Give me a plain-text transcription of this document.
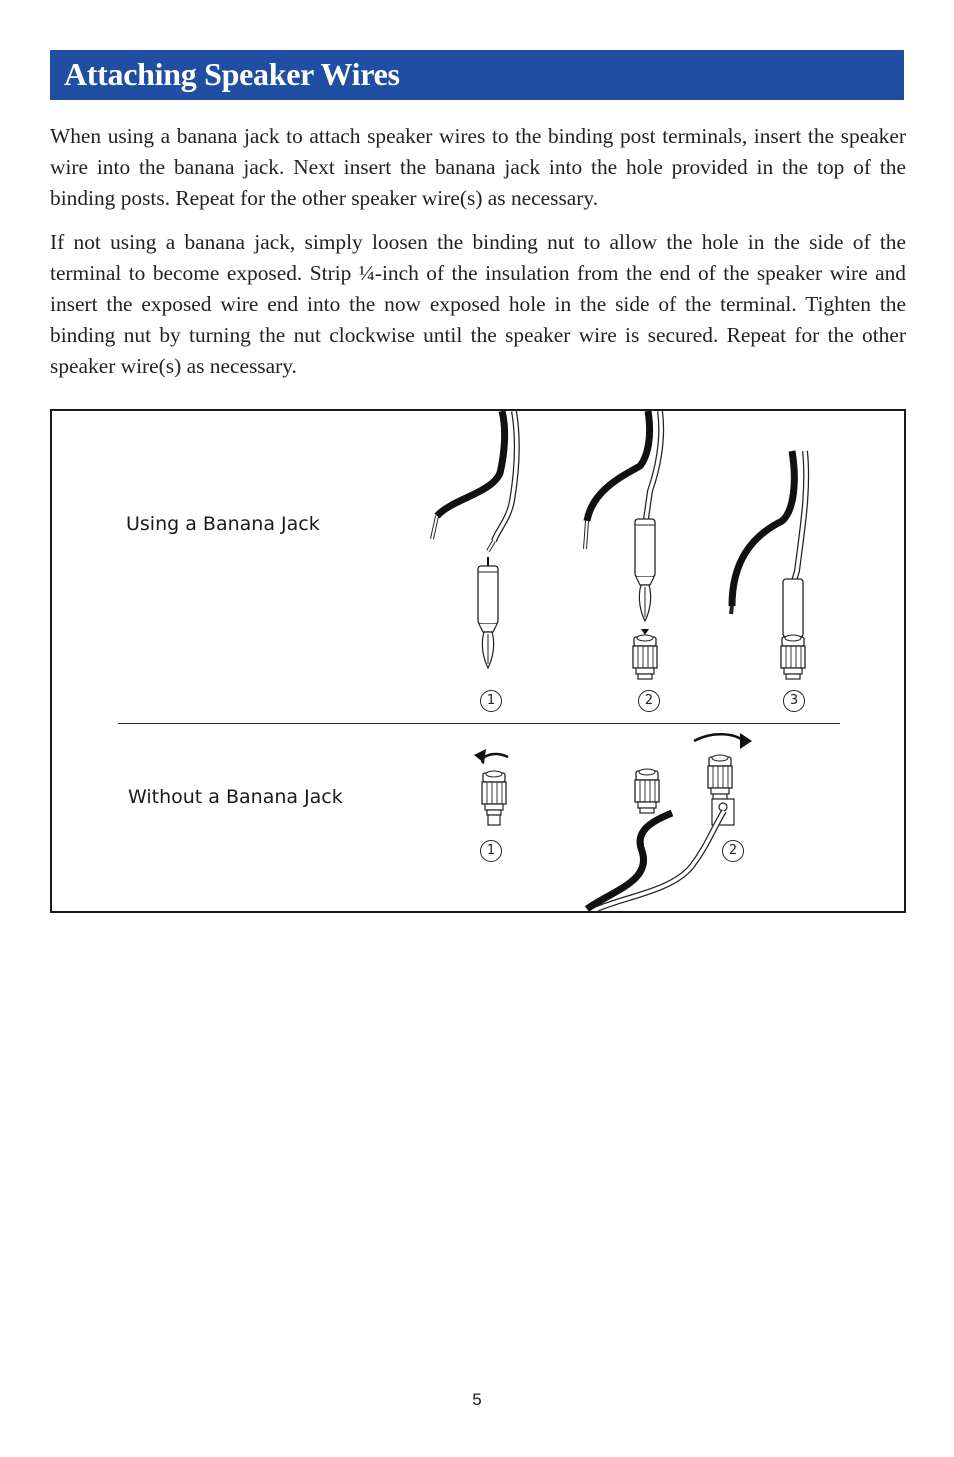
Attaching Speaker Wires

When using a banana jack to attach speaker wires to the binding post terminals, insert the speaker wire into the banana jack. Next insert the banana jack into the hole provided in the top of the binding posts. Repeat for the other speaker wire(s) as necessary.

If not using a banana jack, simply loosen the binding nut to allow the hole in the side of the terminal to become exposed. Strip ¼-inch of the insulation from the end of the speaker wire and insert the exposed wire end into the now exposed hole in the side of the terminal. Tighten the binding nut by turning the nut clockwise until the speaker wire is secured. Repeat for the other speaker wire(s) as necessary.

Using a Banana Jack
Without a Banana Jack
1	2	3
1	2
5
